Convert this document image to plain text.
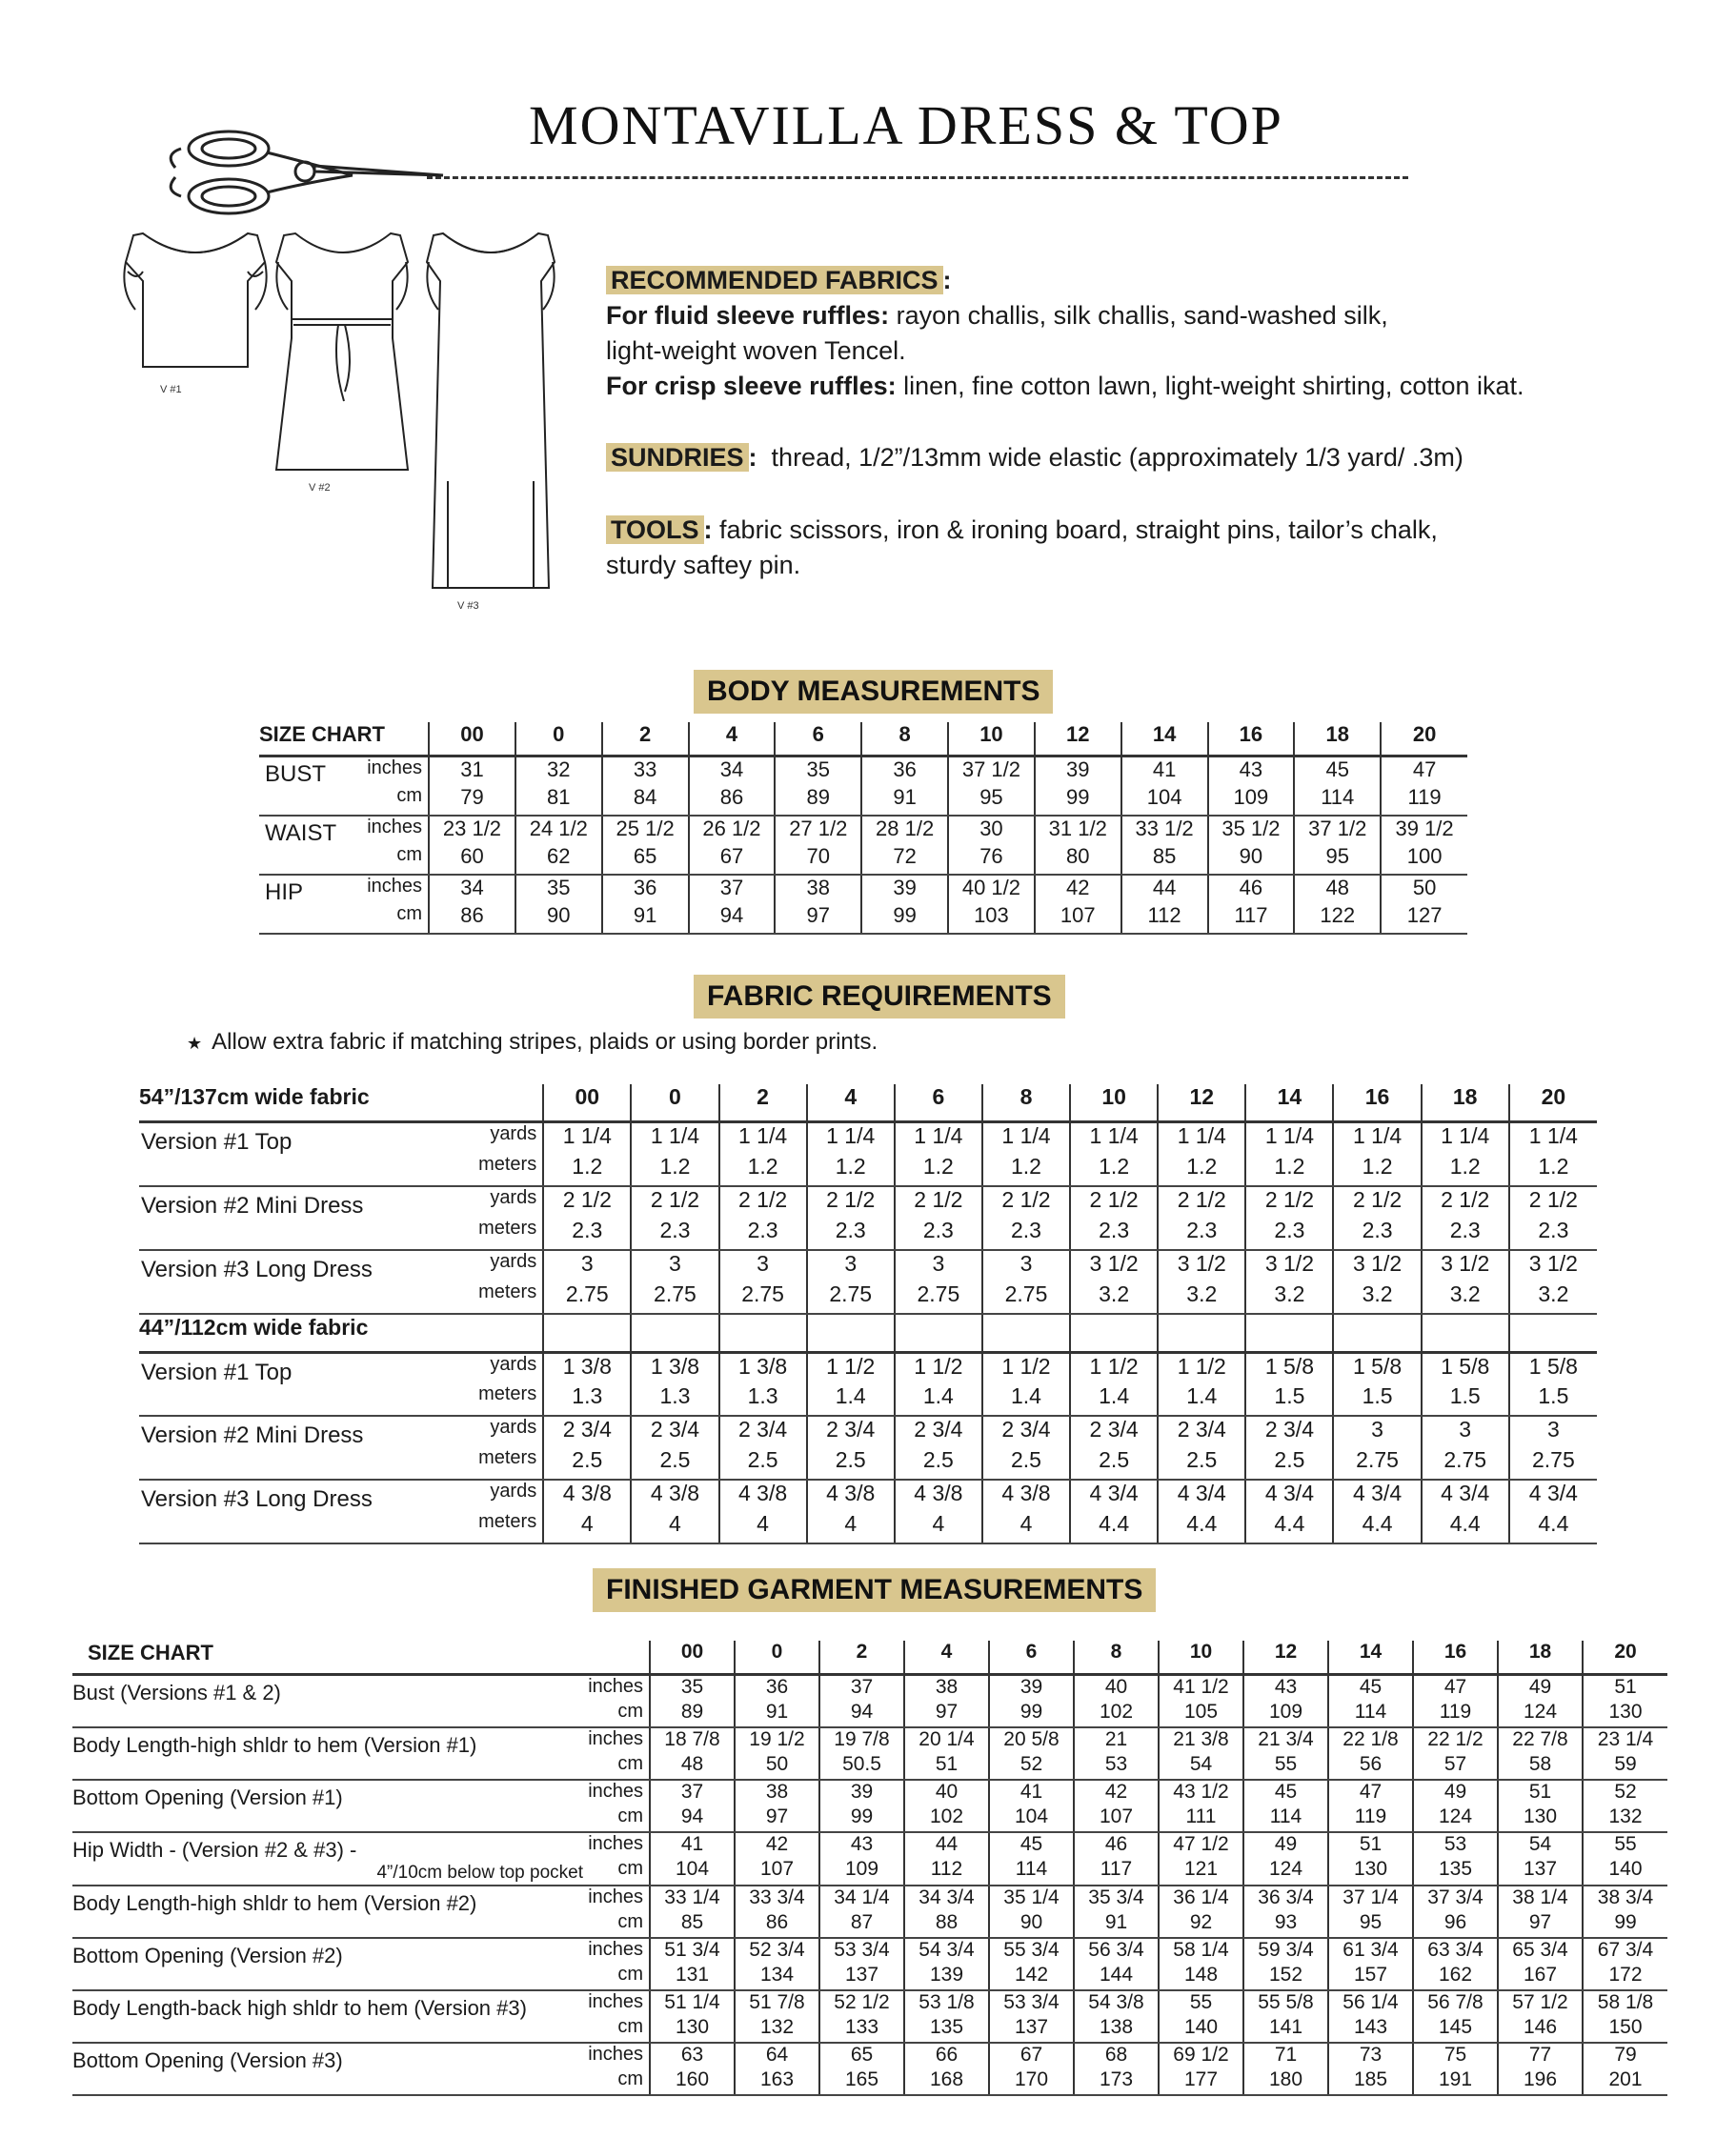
MONTAVILLA DRESS & TOP
V #1
V #2
V #3
RECOMMENDED FABRICS :
For fluid sleeve ruffles: rayon challis, silk challis, sand-washed silk,
light-weight woven Tencel.
For crisp sleeve ruffles: linen, fine cotton lawn, light-weight shirting, cotton ikat.
SUNDRIES : thread, 1/2”/13mm wide elastic (approximately 1/3 yard/ .3m)
TOOLS : fabric scissors, iron & ironing board, straight pins, tailor’s chalk,
sturdy saftey pin.
BODY MEASUREMENTS
SIZE CHART		00	0	2	4	6	8	10	12	14	16	18	20
BUST	inches	31	32	33	34	35	36	37 1/2	39	41	43	45	47
	cm	79	81	84	86	89	91	95	99	104	109	114	119
WAIST	inches	23 1/2	24 1/2	25 1/2	26 1/2	27 1/2	28 1/2	30	31 1/2	33 1/2	35 1/2	37 1/2	39 1/2
	cm	60	62	65	67	70	72	76	80	85	90	95	100
HIP	inches	34	35	36	37	38	39	40 1/2	42	44	46	48	50
	cm	86	90	91	94	97	99	103	107	112	117	122	127
FABRIC REQUIREMENTS
★ Allow extra fabric if matching stripes, plaids or using border prints.
54”/137cm wide fabric		00	0	2	4	6	8	10	12	14	16	18	20
Version #1 Top	yards	1 1/4	1 1/4	1 1/4	1 1/4	1 1/4	1 1/4	1 1/4	1 1/4	1 1/4	1 1/4	1 1/4	1 1/4
	meters	1.2	1.2	1.2	1.2	1.2	1.2	1.2	1.2	1.2	1.2	1.2	1.2
Version #2 Mini Dress	yards	2 1/2	2 1/2	2 1/2	2 1/2	2 1/2	2 1/2	2 1/2	2 1/2	2 1/2	2 1/2	2 1/2	2 1/2
	meters	2.3	2.3	2.3	2.3	2.3	2.3	2.3	2.3	2.3	2.3	2.3	2.3
Version #3 Long Dress	yards	3	3	3	3	3	3	3 1/2	3 1/2	3 1/2	3 1/2	3 1/2	3 1/2
	meters	2.75	2.75	2.75	2.75	2.75	2.75	3.2	3.2	3.2	3.2	3.2	3.2
44”/112cm wide fabric													
Version #1 Top	yards	1 3/8	1 3/8	1 3/8	1 1/2	1 1/2	1 1/2	1 1/2	1 1/2	1 5/8	1 5/8	1 5/8	1 5/8
	meters	1.3	1.3	1.3	1.4	1.4	1.4	1.4	1.4	1.5	1.5	1.5	1.5
Version #2 Mini Dress	yards	2 3/4	2 3/4	2 3/4	2 3/4	2 3/4	2 3/4	2 3/4	2 3/4	2 3/4	3	3	3
	meters	2.5	2.5	2.5	2.5	2.5	2.5	2.5	2.5	2.5	2.75	2.75	2.75
Version #3 Long Dress	yards	4 3/8	4 3/8	4 3/8	4 3/8	4 3/8	4 3/8	4 3/4	4 3/4	4 3/4	4 3/4	4 3/4	4 3/4
	meters	4	4	4	4	4	4	4.4	4.4	4.4	4.4	4.4	4.4
FINISHED GARMENT MEASUREMENTS
SIZE CHART		00	0	2	4	6	8	10	12	14	16	18	20

Bust (Versions #1 & 2)	inches	35	36	37	38	39	40	41 1/2	43	45	47	49	51
	cm	89	91	94	97	99	102	105	109	114	119	124	130

Body Length-high shldr to hem (Version #1)	inches	18 7/8	19 1/2	19 7/8	20 1/4	20 5/8	21	21 3/8	21 3/4	22 1/8	22 1/2	22 7/8	23 1/4
	cm	48	50	50.5	51	52	53	54	55	56	57	58	59

Bottom Opening (Version #1)	inches	37	38	39	40	41	42	43 1/2	45	47	49	51	52
	cm	94	97	99	102	104	107	111	114	119	124	130	132

Hip Width - (Version #2 & #3) -
4”/10cm below top pocket	inches	41	42	43	44	45	46	47 1/2	49	51	53	54	55
	cm	104	107	109	112	114	117	121	124	130	135	137	140

Body Length-high shldr to hem (Version #2)	inches	33 1/4	33 3/4	34 1/4	34 3/4	35 1/4	35 3/4	36 1/4	36 3/4	37 1/4	37 3/4	38 1/4	38 3/4
	cm	85	86	87	88	90	91	92	93	95	96	97	99

Bottom Opening (Version #2)	inches	51 3/4	52 3/4	53 3/4	54 3/4	55 3/4	56 3/4	58 1/4	59 3/4	61 3/4	63 3/4	65 3/4	67 3/4
	cm	131	134	137	139	142	144	148	152	157	162	167	172

Body Length-back high shldr to hem (Version #3)	inches	51 1/4	51 7/8	52 1/2	53 1/8	53 3/4	54 3/8	55	55 5/8	56 1/4	56 7/8	57 1/2	58 1/8
	cm	130	132	133	135	137	138	140	141	143	145	146	150

Bottom Opening (Version #3)	inches	63	64	65	66	67	68	69 1/2	71	73	75	77	79
	cm	160	163	165	168	170	173	177	180	185	191	196	201
